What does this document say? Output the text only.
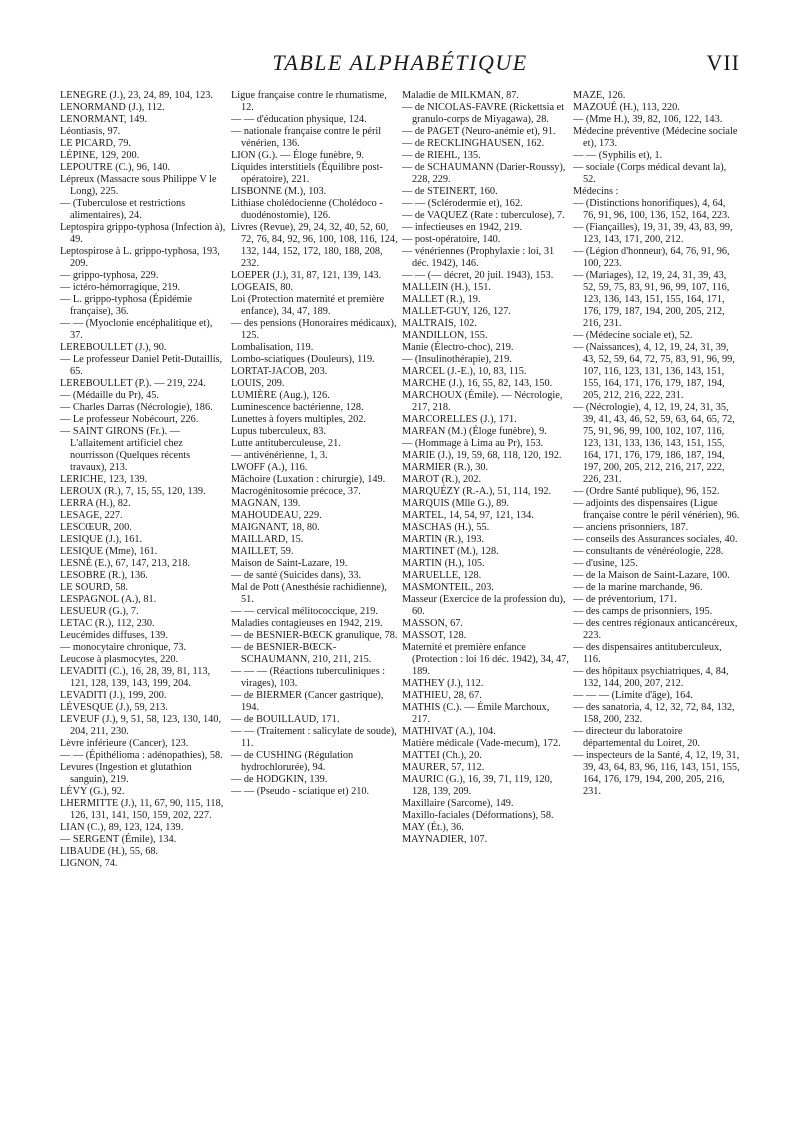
TABLE ALPHABÉTIQUE	VII
LENÈGRE (J.), 23, 24, 89, 104, 123.
LENORMAND (J.), 112.
LENORMANT, 149.
Léontiasis, 97.
LE PICARD, 79.
LÉPINE, 129, 200.
LEPOUTRE (C.), 96, 140.
Lépreux (Massacre sous Philippe V le Long), 225.
— (Tuberculose et restrictions alimentaires), 24.
Leptospira grippo-typhosa (Infection à), 49.
Leptospirose à L. grippo-typhosa, 193, 209.
— grippo-typhosa, 229.
— ictéro-hémorragique, 219.
— L. grippo-typhosa (Épidémie française), 36.
— — (Myoclonie encéphalitique et), 37.
LEREBOULLET (J.), 90.
— Le professeur Daniel Petit-Dutaillis, 65.
LEREBOULLET (P.). — 219, 224.
— (Médaille du Pr), 45.
— Charles Darras (Nécrologie), 186.
— Le professeur Nobécourt, 226.
— SAINT GIRONS (Fr.). — L'allaitement artificiel chez nourrisson (Quelques récents travaux), 213.
LERICHE, 123, 139.
LEROUX (R.), 7, 15, 55, 120, 139.
LERRA (H.), 82.
LESAGE, 227.
LESCŒUR, 200.
LESIQUE (J.), 161.
LESIQUE (Mme), 161.
LESNÉ (E.), 67, 147, 213, 218.
LESOBRE (R.), 136.
LE SOURD, 58.
LESPAGNOL (A.), 81.
LESUEUR (G.), 7.
LETAC (R.), 112, 230.
Leucémides diffuses, 139.
— monocytaire chronique, 73.
Leucose à plasmocytes, 220.
LEVADITI (C.), 16, 28, 39, 81, 113, 121, 128, 139, 143, 199, 204.
LEVADITI (J.), 199, 200.
LÉVESQUE (J.), 59, 213.
LEVEUF (J.), 9, 51, 58, 123, 130, 140, 204, 211, 230.
Lèvre inférieure (Cancer), 123.
— — (Épithélioma : adénopathies), 58.
Levures (Ingestion et glutathion sanguin), 219.
LÉVY (G.), 92.
LHERMITTE (J.), 11, 67, 90, 115, 118, 126, 131, 141, 150, 159, 202, 227.
LIAN (C.), 89, 123, 124, 139.
— SERGENT (Émile), 134.
LIBAUDE (H.), 55, 68.
LIGNON, 74.
Ligue française contre le rhumatisme, 12.
— — d'éducation physique, 124.
— nationale française contre le péril vénérien, 136.
LION (G.). — Éloge funèbre, 9.
Liquides interstitiels (Équilibre post-opératoire), 221.
LISBONNE (M.), 103.
Lithiase cholédocienne (Cholédoco - duodénostomie), 126.
Livres (Revue), 29, 24, 32, 40, 52, 60, 72, 76, 84, 92, 96, 100, 108, 116, 124, 132, 144, 152, 172, 180, 188, 208, 232.
LOEPER (J.), 31, 87, 121, 139, 143.
LOGEAIS, 80.
Loi (Protection maternité et première enfance), 34, 47, 189.
— des pensions (Honoraires médicaux), 125.
Lombalisation, 119.
Lombo-sciatiques (Douleurs), 119.
LORTAT-JACOB, 203.
LOUIS, 209.
LUMIÈRE (Aug.), 126.
Luminescence bactérienne, 128.
Lunettes à foyers multiples, 202.
Lupus tuberculeux, 83.
Lutte antituberculeuse, 21.
— antivénérienne, 1, 3.
LWOFF (A.), 116.
Mâchoire (Luxation : chirurgie), 149.
Macrogénitosomie précoce, 37.
MAGNAN, 139.
MAHOUDEAU, 229.
MAIGNANT, 18, 80.
MAILLARD, 15.
MAILLET, 59.
Maison de Saint-Lazare, 19.
— de santé (Suicides dans), 33.
Mal de Pott (Anesthésie rachidienne), 51.
— — cervical mélitococcique, 219.
Maladies contagieuses en 1942, 219.
— de BESNIER-BŒCK granulique, 78.
— de BESNIER-BŒCK-SCHAUMANN, 210, 211, 215.
— — — (Réactions tuberculiniques : virages), 103.
— de BIERMER (Cancer gastrique), 194.
— de BOUILLAUD, 171.
— — (Traitement : salicylate de soude), 11.
— de CUSHING (Régulation hydrochlorurée), 94.
— de HODGKIN, 139.
— — (Pseudo - sciatique et) 210.
Maladie de MILKMAN, 87.
— de NICOLAS-FAVRE (Rickettsia et granulo-corps de Miyagawa), 28.
— de PAGET (Neuro-anémie et), 91.
— de RECKLINGHAUSEN, 162.
— de RIEHL, 135.
— de SCHAUMANN (Darier-Roussy), 228, 229.
— de STEINERT, 160.
— — (Sclérodermie et), 162.
— de VAQUEZ (Rate : tuberculose), 7.
— infectieuses en 1942, 219.
— post-opératoire, 140.
— vénériennes (Prophylaxie : loi, 31 déc. 1942), 146.
— — (— décret, 20 juil. 1943), 153.
MALLEIN (H.), 151.
MALLET (R.), 19.
MALLET-GUY, 126, 127.
MALTRAIS, 102.
MANDILLON, 155.
Manie (Électro-choc), 219.
— (Insulinothérapie), 219.
MARCEL (J.-E.), 10, 83, 115.
MARCHE (J.), 16, 55, 82, 143, 150.
MARCHOUX (Émile). — Nécrologie, 217, 218.
MARCORELLES (J.), 171.
MARFAN (M.) (Éloge funèbre), 9.
— (Hommage à Lima au Pr), 153.
MARIE (J.), 19, 59, 68, 118, 120, 192.
MARMIER (R.), 30.
MAROT (R.), 202.
MARQUÉZY (R.-A.), 51, 114, 192.
MARQUIS (Mlle G.), 89.
MARTEL, 14, 54, 97, 121, 134.
MASCHAS (H.), 55.
MARTIN (R.), 193.
MARTINET (M.), 128.
MARTIN (H.), 105.
MARUELLE, 128.
MASMONTEIL, 203.
Masseur (Exercice de la profession du), 60.
MASSON, 67.
MASSOT, 128.
Maternité et première enfance (Protection : loi 16 déc. 1942), 34, 47, 189.
MATHEY (J.), 112.
MATHIEU, 28, 67.
MATHIS (C.). — Émile Marchoux, 217.
MATHIVAT (A.), 104.
Matière médicale (Vade-mecum), 172.
MATTEI (Ch.), 20.
MAURER, 57, 112.
MAURIC (G.), 16, 39, 71, 119, 120, 128, 139, 209.
Maxillaire (Sarcome), 149.
Maxillo-faciales (Déformations), 58.
MAY (Ét.), 36.
MAYNADIER, 107.
MAZÉ, 126.
MAZOUÉ (H.), 113, 220.
— (Mme H.), 39, 82, 106, 122, 143.
Médecine préventive (Médecine sociale et), 173.
— — (Syphilis et), 1.
— sociale (Corps médical devant la), 52.
Médecins :
— (Distinctions honorifiques), 4, 64, 76, 91, 96, 100, 136, 152, 164, 223.
— (Fiançailles), 19, 31, 39, 43, 83, 99, 123, 143, 171, 200, 212.
— (Légion d'honneur), 64, 76, 91, 96, 100, 223.
— (Mariages), 12, 19, 24, 31, 39, 43, 52, 59, 75, 83, 91, 96, 99, 107, 116, 123, 136, 143, 151, 155, 164, 171, 176, 179, 187, 194, 200, 205, 212, 216, 231.
— (Médecine sociale et), 52.
— (Naissances), 4, 12, 19, 24, 31, 39, 43, 52, 59, 64, 72, 75, 83, 91, 96, 99, 107, 116, 123, 131, 136, 143, 151, 155, 164, 171, 176, 179, 187, 194, 205, 212, 216, 222, 231.
— (Nécrologie), 4, 12, 19, 24, 31, 35, 39, 41, 43, 46, 52, 59, 63, 64, 65, 72, 75, 91, 96, 99, 100, 102, 107, 116, 123, 131, 133, 136, 143, 151, 155, 164, 171, 176, 179, 186, 187, 194, 197, 200, 205, 212, 216, 217, 222, 226, 231.
— (Ordre Santé publique), 96, 152.
— adjoints des dispensaires (Ligue française contre le péril vénérien), 96.
— anciens prisonniers, 187.
— conseils des Assurances sociales, 40.
— consultants de vénéréologie, 228.
— d'usine, 125.
— de la Maison de Saint-Lazare, 100.
— de la marine marchande, 96.
— de préventorium, 171.
— des camps de prisonniers, 195.
— des centres régionaux anticancéreux, 223.
— des dispensaires antituberculeux, 116.
— des hôpitaux psychiatriques, 4, 84, 132, 144, 200, 207, 212.
— — — (Limite d'âge), 164.
— des sanatoria, 4, 12, 32, 72, 84, 132, 158, 200, 232.
— directeur du laboratoire départemental du Loiret, 20.
— inspecteurs de la Santé, 4, 12, 19, 31, 39, 43, 64, 83, 96, 116, 143, 151, 155, 164, 176, 179, 194, 200, 205, 216, 231.
